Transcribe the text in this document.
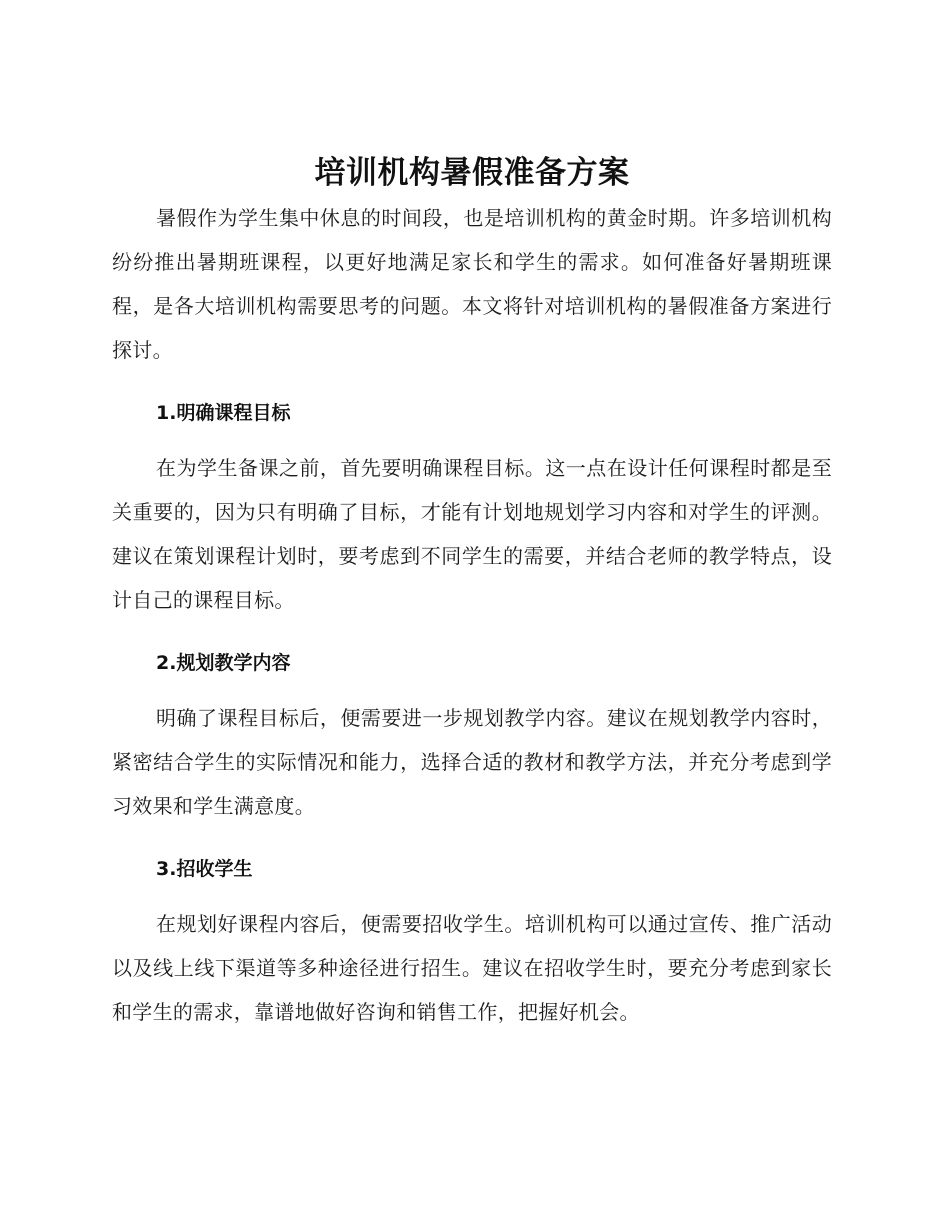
培训机构暑假准备方案

暑假作为学生集中休息的时间段，也是培训机构的黄金时期。许多培训机构纷纷推出暑期班课程，以更好地满足家长和学生的需求。如何准备好暑期班课程，是各大培训机构需要思考的问题。本文将针对培训机构的暑假准备方案进行探讨。

1.明确课程目标

在为学生备课之前，首先要明确课程目标。这一点在设计任何课程时都是至关重要的，因为只有明确了目标，才能有计划地规划学习内容和对学生的评测。建议在策划课程计划时，要考虑到不同学生的需要，并结合老师的教学特点，设计自己的课程目标。

2.规划教学内容

明确了课程目标后，便需要进一步规划教学内容。建议在规划教学内容时，紧密结合学生的实际情况和能力，选择合适的教材和教学方法，并充分考虑到学习效果和学生满意度。

3.招收学生

在规划好课程内容后，便需要招收学生。培训机构可以通过宣传、推广活动以及线上线下渠道等多种途径进行招生。建议在招收学生时，要充分考虑到家长和学生的需求，靠谱地做好咨询和销售工作，把握好机会。
